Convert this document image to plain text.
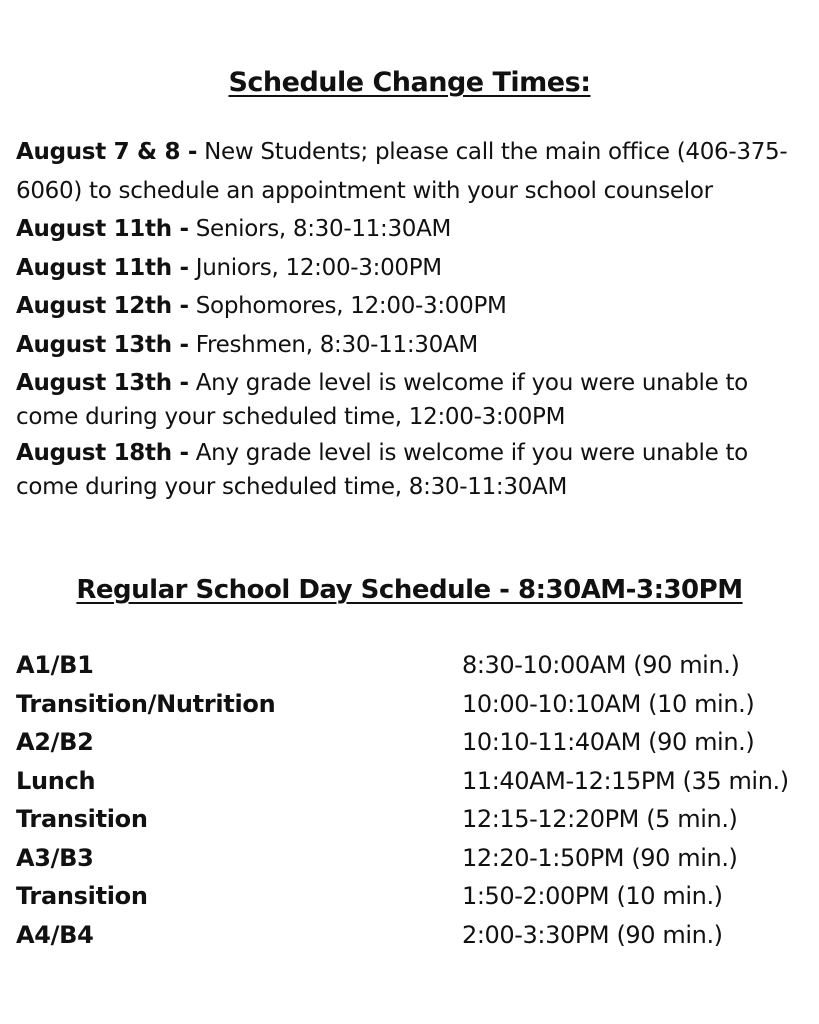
Schedule Change Times:
August 7 & 8 - New Students; please call the main office (406-375-6060) to schedule an appointment with your school counselor
August 11th - Seniors, 8:30-11:30AM
August 11th - Juniors, 12:00-3:00PM
August 12th - Sophomores, 12:00-3:00PM
August 13th - Freshmen, 8:30-11:30AM
August 13th - Any grade level is welcome if you were unable to come during your scheduled time, 12:00-3:00PM
August 18th - Any grade level is welcome if you were unable to come during your scheduled time, 8:30-11:30AM
Regular School Day Schedule - 8:30AM-3:30PM
A1/B1	8:30-10:00AM (90 min.)
Transition/Nutrition	10:00-10:10AM (10 min.)
A2/B2	10:10-11:40AM (90 min.)
Lunch	11:40AM-12:15PM (35 min.)
Transition	12:15-12:20PM (5 min.)
A3/B3	12:20-1:50PM (90 min.)
Transition	1:50-2:00PM (10 min.)
A4/B4	2:00-3:30PM (90 min.)
